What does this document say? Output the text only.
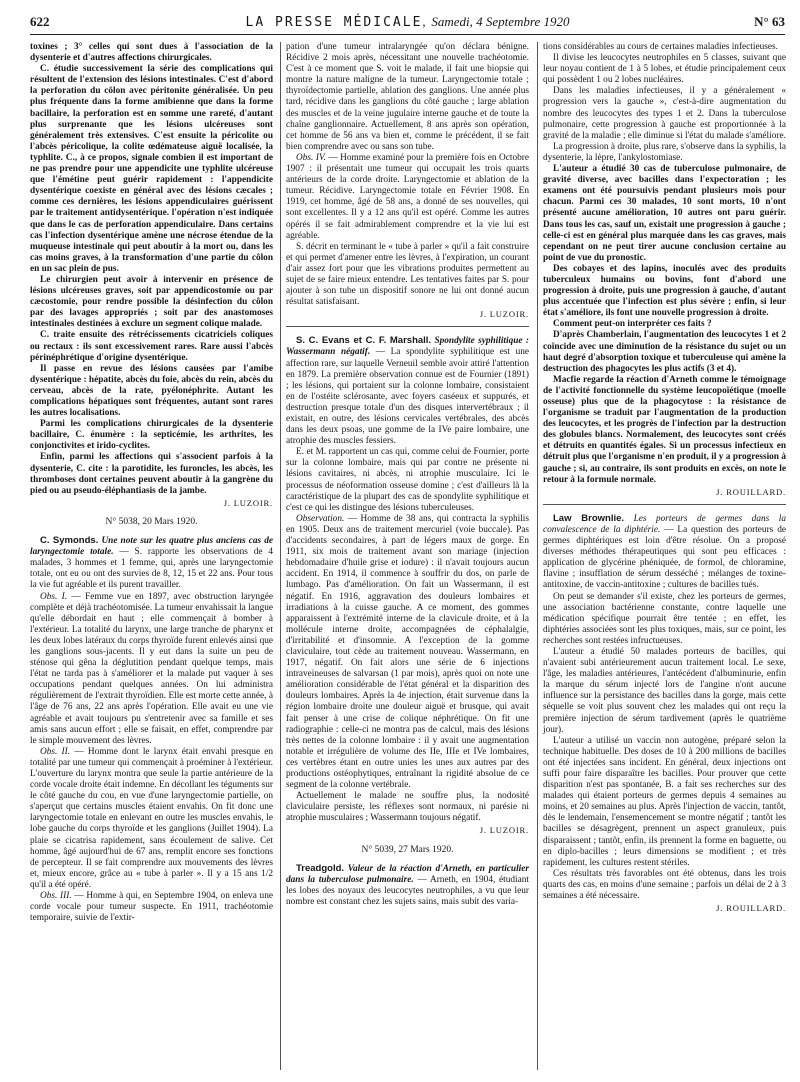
622	LA PRESSE MÉDICALE, Samedi, 4 Septembre 1920	N° 63

toxines ; 3° celles qui sont dues à l'association de la dysenterie et d'autres affections chirurgicales.

C. étudie successivement la série des complications qui résultent de l'extension des lésions intestinales. C'est d'abord la perforation du côlon avec péritonite généralisée. Un peu plus fréquente dans la forme amibienne que dans la forme bacillaire, la perforation est en somme une rareté, d'autant plus surprenante que les lésions ulcéreuses sont généralement très extensives. C'est ensuite la péricolite ou l'abcès péricolique, la colite œdémateuse aiguë localisée, la typhlite. C., à ce propos, signale combien il est important de ne pas prendre pour une appendicite une typhlite ulcéreuse que l'émétine peut guérir rapidement : l'appendicite dysentérique coexiste en général avec des lésions cæcales ; comme ces dernières, les lésions appendiculaires guérissent par le traitement antidysentérique. l'opération n'est indiquée que dans le cas de perforation appendiculaire. Dans certains cas l'infection dysentérique amène une nécrose étendue de la muqueuse intestinale qui peut aboutir à la mort ou, dans les cas moins graves, à la transformation d'une partie du côlon en un sac plein de pus.

Le chirurgien peut avoir à intervenir en présence de lésions ulcéreuses graves, soit par appendicostomie ou par cæcostomie, pour rendre possible la désinfection du côlon par des lavages appropriés ; soit par des anastomoses intestinales destinées à exclure un segment colique malade.

C. traite ensuite des rétrécissements cicatriciels coliques ou rectaux : ils sont excessivement rares. Rare aussi l'abcès périnéphrétique d'origine dysentérique.

Il passe en revue des lésions causées par l'amibe dysentérique : hépatite, abcès du foie, abcès du rein, abcès du cerveau, abcès de la rate, pyélonéphrite. Autant les complications hépatiques sont fréquentes, autant sont rares les autres localisations.

Parmi les complications chirurgicales de la dysenterie bacillaire, C. énumère : la septicémie, les arthrites, les conjonctivites et irido-cyclites.

Enfin, parmi les affections qui s'associent parfois à la dysenterie, C. cite : la parotidite, les furoncles, les abcès, les thromboses dont certaines peuvent aboutir à la gangrène du pied ou au pseudo-éléphantiasis de la jambe.

J. LUZOIR.
N° 5038, 20 Mars 1920.

C. Symonds. Une note sur les quatre plus anciens cas de laryngectomie totale. — S. rapporte les observations de 4 malades, 3 hommes et 1 femme, qui, après une laryngectomie totale, ont eu ou ont des survies de 8, 12, 15 et 22 ans. Pour tous la vie fut agréable et ils purent travailler.

Obs. I. — Femme vue en 1897, avec obstruction laryngée complète et déjà trachéotomisée. La tumeur envahissait la langue qu'elle débordait en haut ; elle commençait à bomber à l'extérieur. La totalité du larynx, une large tranche de pharynx et les deux lobes latéraux du corps thyroïde furent enlevés ainsi que les ganglions sous-jacents. Il y eut dans la suite un peu de sténose qui gêna la déglutition pendant quelque temps, mais l'état ne tarda pas à s'améliorer et la malade put vaquer à ses occupations pendant quelques années. On lui administra régulièrement de l'extrait thyroïdien. Elle est morte cette année, à l'âge de 76 ans, 22 ans après l'opération. Elle avait eu une vie agréable et avait toujours pu s'entretenir avec sa famille et ses amis sans aucun effort ; elle se faisait, en effet, comprendre par le simple mouvement des lèvres.

Obs. II. — Homme dont le larynx était envahi presque en totalité par une tumeur qui commençait à proéminer à l'extérieur. L'ouverture du larynx montra que seule la partie antérieure de la corde vocale droite était indemne. En décollant les téguments sur le côté gauche du cou, en vue d'une laryngectomie partielle, on s'aperçut que certains muscles étaient envahis. On fit donc une laryngectomie totale en enlevant en outre les muscles envahis, le lobe gauche du corps thyroïde et les ganglions (Juillet 1904). La plaie se cicatrisa rapidement, sans écoulement de salive. Cet homme, âgé aujourd'hui de 67 ans, remplit encore ses fonctions de percepteur. Il se fait comprendre aux mouvements des lèvres et, mieux encore, grâce au « tube à parler ». Il y a 15 ans 1/2 qu'il a été opéré.

Obs. III. — Homme à qui, en Septembre 1904, on enleva une corde vocale pour tumeur suspecte. En 1911, trachéotomie temporaire, suivie de l'extir-

pation d'une tumeur intralaryngée qu'on déclara bénigne. Récidive 2 mois après, nécessitant une nouvelle trachéotomie. C'est à ce moment que S. voit le malade, il fait une biopsie qui montre la nature maligne de la tumeur. Laryngectomie totale ; thyroïdectomie partielle, ablation des ganglions. Une année plus tard, récidive dans les ganglions du côté gauche ; large ablation des muscles et de la veine jugulaire interne gauche et de toute la chaîne ganglionnaire. Actuellement, 8 ans après son opération, cet homme de 56 ans va bien et, comme le précédent, il se fait bien comprendre avec ou sans son tube.

Obs. IV. — Homme examiné pour la première fois en Octobre 1907 : il présentait une tumeur qui occupait les trois quarts antérieurs de la corde droite. Laryngectomie et ablation de la tumeur. Récidive. Laryngectomie totale en Février 1908. En 1919, cet homme, âgé de 58 ans, a donné de ses nouvelles, qui sont excellentes. Il y a 12 ans qu'il est opéré. Comme les autres opérés il se fait admirablement comprendre et la vie lui est agréable.

S. décrit en terminant le « tube à parler » qu'il a fait construire et qui permet d'amener entre les lèvres, à l'expiration, un courant d'air assez fort pour que les vibrations produites permettent au sujet de se faire mieux entendre. Les tentatives faites par S. pour ajouter à son tube un dispositif sonore ne lui ont donné aucun résultat satisfaisant.

J. LUZOIR.

S. C. Evans et C. F. Marshall. Spondylite syphilitique : Wassermann négatif. — La spondylite syphilitique est une affection rare, sur laquelle Verneuil semble avoir attiré l'attention en 1879. La première observation connue est de Fournier (1891) ; les lésions, qui portaient sur la colonne lombaire, consistaient en de l'ostéite sclérosante, avec foyers caséeux et suppurés, et destruction presque totale d'un des disques intervertébraux ; il existait, en outre, des lésions cervicales vertébrales, des abcès dans les deux psoas, une gomme de la IVe paire lombaire, une atrophie des muscles fessiers.

E. et M. rapportent un cas qui, comme celui de Fournier, porte sur la colonne lombaire, mais qui par contre ne présente ni lésions cavitaires, ni abcès, ni atrophie musculaire. Ici le processus de néoformation osseuse domine ; c'est d'ailleurs là la caractéristique de la plupart des cas de spondylite syphilitique et c'est ce qui les distingue des lésions tuberculeuses.

Observation. — Homme de 38 ans, qui contracta la syphilis en 1905. Deux ans de traitement mercuriel (voie buccale). Pas d'accidents secondaires, à part de légers maux de gorge. En 1911, six mois de traitement avant son mariage (injection hebdomadaire d'huile grise et iodure) : il n'avait toujours aucun accident. En 1914, il commence à souffrir du dos, on parle de lumbago. Pas d'amélioration. On fait un Wassermann, il est négatif. En 1916, aggravation des douleurs lombaires et irradiations à la cuisse gauche. A ce moment, des gommes apparaissent à l'extrémité interne de la clavicule droite, et à la mollécule interne droite, accompagnées de céphalalgie, d'irritabilité et d'insomnie. A l'exception de la gomme claviculaire, tout cède au traitement nouveau. Wassermann, en 1917, négatif. On fait alors une série de 6 injections intraveineuses de salvarsan (1 par mois), après quoi on note une amélioration considérable de l'état général et la disparition des douleurs lombaires. Après la 4e injection, était survenue dans la région lombaire droite une douleur aiguë et brusque, qui avait fait penser à une crise de colique néphrétique. On fit une radiographie : celle-ci ne montra pas de calcul, mais des lésions très nettes de la colonne lombaire : il y avait une augmentation notable et irrégulière de volume des IIe, IIIe et IVe lombaires, ces vertèbres étant en outre unies les unes aux autres par des productions ostéophytiques, entraînant la rigidité absolue de ce segment de la colonne vertébrale.

Actuellement le malade ne souffre plus, la nodosité claviculaire persiste, les réflexes sont normaux, ni parésie ni atrophie musculaires ; Wassermann toujours négatif.

J. LUZOIR.
N° 5039, 27 Mars 1920.

Treadgold. Valeur de la réaction d'Arneth, en particulier dans la tuberculose pulmonaire. — Arneth, en 1904, étudiant les lobes des noyaux des leucocytes neutrophiles, a vu que leur nombre est constant chez les sujets sains, mais subit des varia-

tions considérables au cours de certaines maladies infectieuses.

Il divise les leucocytes neutrophiles en 5 classes, suivant que leur noyau contient de 1 à 5 lobes, et étudie principalement ceux qui possèdent 1 ou 2 lobes nucléaires.

Dans les maladies infectieuses, il y a généralement « progression vers la gauche », c'est-à-dire augmentation du nombre des leucocytes des types 1 et 2. Dans la tuberculose pulmonaire, cette progression à gauche est proportionnée à la gravité de la maladie ; elle diminue si l'état du malade s'améliore.

La progression à droite, plus rare, s'observe dans la syphilis, la dysenterie, la lèpre, l'ankylostomiase.

L'auteur a étudié 30 cas de tuberculose pulmonaire, de gravité diverse, avec bacilles dans l'expectoration ; les examens ont été poursuivis pendant plusieurs mois pour chacun. Parmi ces 30 malades, 10 sont morts, 10 n'ont présenté aucune amélioration, 10 autres ont paru guérir. Dans tous les cas, sauf un, existait une progression à gauche ; celle-ci est en général plus marquée dans les cas graves, mais cependant on ne peut tirer aucune conclusion certaine au point de vue du pronostic.

Des cobayes et des lapins, inoculés avec des produits tuberculeux humains ou bovins, font d'abord une progression à droite, puis une progression à gauche, d'autant plus accentuée que l'infection est plus sévère ; enfin, si leur état s'améliore, ils font une nouvelle progression à droite.

Comment peut-on interpréter ces faits ?

D'après Chamberlain, l'augmentation des leucocytes 1 et 2 coïncide avec une diminution de la résistance du sujet ou un haut degré d'absorption toxique et tuberculeuse qui amène la destruction des phagocytes les plus actifs (3 et 4).

Macfie regarde la réaction d'Arneth comme le témoignage de l'activité fonctionnelle du système leucopoïétique (moelle osseuse) plus que de la phagocytose : la résistance de l'organisme se traduit par l'augmentation de la production des leucocytes, et les progrès de l'infection par la destruction des globules blancs. Normalement, des leucocytes sont créés et détruits en quantités égales. Si un processus infectieux en détruit plus que l'organisme n'en produit, il y a progression à gauche ; si, au contraire, ils sont produits en excès, on note le retour à la formule normale.

J. ROUILLARD.

Law Brownlie. Les porteurs de germes dans la convalescence de la diphtérie. — La question des porteurs de germes diphtériques est loin d'être résolue. On a proposé diverses méthodes thérapeutiques qui sont peu efficaces : application de glycérine phéniquée, de formol, de chloramine, flavine ; insufflation de sérum desséché ; mélanges de toxine-antitoxine, de vaccin-antitoxine ; cultures de bacilles tués.

On peut se demander s'il existe, chez les porteurs de germes, une association bactérienne constante, contre laquelle une médication spécifique pourrait être tentée ; en effet, les diphtéries associées sont les plus toxiques, mais, sur ce point, les recherches sont restées infructueuses.

L'auteur a étudié 50 malades porteurs de bacilles, qui n'avaient subi antérieurement aucun traitement local. Le sexe, l'âge, les maladies antérieures, l'antécédent d'albuminurie, enfin la marque du sérum injecté lors de l'angine n'ont aucune influence sur la persistance des bacilles dans la gorge, mais cette séquelle se voit plus souvent chez les malades qui ont reçu la première injection de sérum tardivement (après le quatrième jour).

L'auteur a utilisé un vaccin non autogène, préparé selon la technique habituelle. Des doses de 10 à 200 millions de bacilles ont été injectées sans incident. En général, deux injections ont suffi pour faire disparaître les bacilles. Pour prouver que cette disparition n'est pas spontanée, B. a fait ses recherches sur des malades qui étaient porteurs de germes depuis 4 semaines au moins, et 20 semaines au plus. Après l'injection de vaccin, tantôt, dès le lendemain, l'ensemencement se montre négatif ; tantôt les bacilles se désagrègent, prennent un aspect granuleux, puis disparaissent ; tantôt, enfin, ils prennent la forme en baguette, ou en diplo-bacilles ; leurs dimensions se modifient ; et très rapidement, les cultures restent stériles.

Ces résultats très favorables ont été obtenus, dans les trois quarts des cas, en moins d'une semaine ; parfois un délai de 2 à 3 semaines a été nécessaire.

J. ROUILLARD.
